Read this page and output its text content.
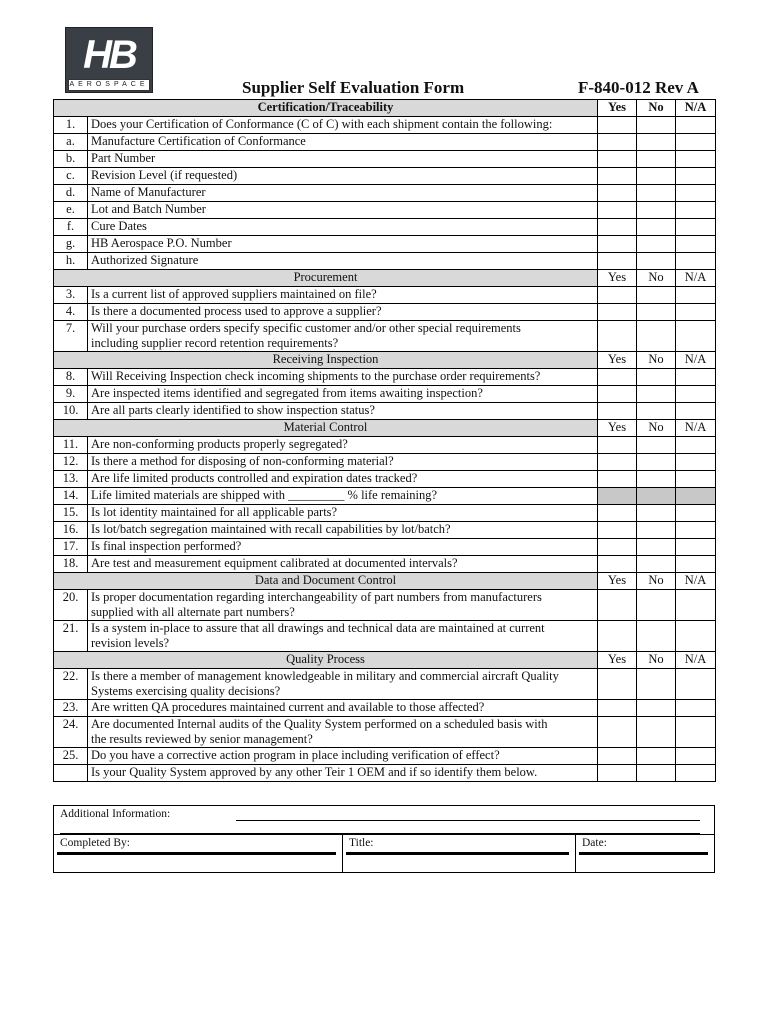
HB
AEROSPACE	Supplier Self Evaluation Form	F-840-012 Rev A
Certification/Traceability		Yes	No	N/A
1.	Does your Certification of Conformance (C of C) with each shipment contain the following:			

a.	Manufacture Certification of Conformance			

b.	Part Number			

c.	Revision Level (if requested)			

d.	Name of Manufacturer			

e.	Lot and Batch Number			

f.	Cure Dates			

g.	HB Aerospace P.O. Number			

h.	Authorized Signature			

Procurement		Yes	No	N/A
3.	Is a current list of approved suppliers maintained on file?			

4.	Is there a documented process used to approve a supplier?			

7.	Will your purchase orders specify specific customer and/or other special requirements
including supplier record retention requirements?			

Receiving Inspection		Yes	No	N/A
8.	Will Receiving Inspection check incoming shipments to the purchase order requirements?			

9.	Are inspected items identified and segregated from items awaiting inspection?			

10.	Are all parts clearly identified to show inspection status?			

Material Control		Yes	No	N/A
11.	Are non-conforming products properly segregated?			

12.	Is there a method for disposing of non-conforming material?			

13.	Are life limited products controlled and expiration dates tracked?			

14.	Life limited materials are shipped with _________ % life remaining?			

15.	Is lot identity maintained for all applicable parts?			

16.	Is lot/batch segregation maintained with recall capabilities by lot/batch?			

17.	Is final inspection performed?			

18.	Are test and measurement equipment calibrated at documented intervals?			

Data and Document Control		Yes	No	N/A
20.	Is proper documentation regarding interchangeability of part numbers from manufacturers
supplied with all alternate part numbers?			

21.	Is a system in-place to assure that all drawings and technical data are maintained at current
revision levels?			

Quality Process		Yes	No	N/A
22.	Is there a member of management knowledgeable in military and commercial aircraft Quality
Systems exercising quality decisions?			

23.	Are written QA procedures maintained current and available to those affected?			

24.	Are documented Internal audits of the Quality System performed on a scheduled basis with
the results reviewed by senior management?			

25.	Do you have a corrective action program in place including verification of effect?			

	Is your Quality System approved by any other Teir 1 OEM and if so identify them below.			

Additional Information:
Completed By:	Title:	Date:
